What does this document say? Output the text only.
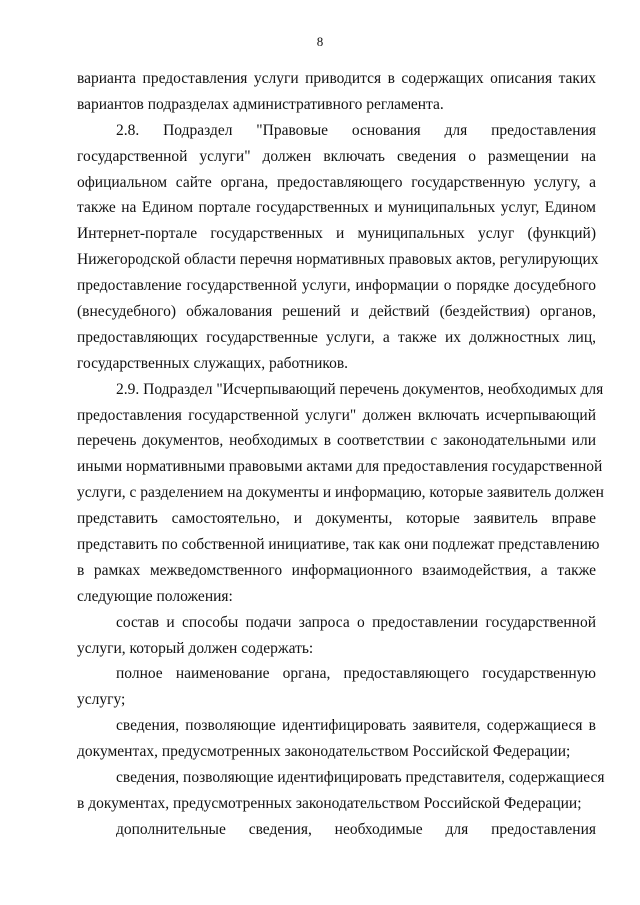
8
варианта предоставления услуги приводится в содержащих описания таких
вариантов подразделах административного регламента.
2.8. Подраздел "Правовые основания для предоставления
государственной услуги" должен включать сведения о размещении на
официальном сайте органа, предоставляющего государственную услугу, а
также на Едином портале государственных и муниципальных услуг, Едином
Интернет-портале государственных и муниципальных услуг (функций)
Нижегородской области перечня нормативных правовых актов, регулирующих
предоставление государственной услуги, информации о порядке досудебного
(внесудебного) обжалования решений и действий (бездействия) органов,
предоставляющих государственные услуги, а также их должностных лиц,
государственных служащих, работников.
2.9. Подраздел "Исчерпывающий перечень документов, необходимых для
предоставления государственной услуги" должен включать исчерпывающий
перечень документов, необходимых в соответствии с законодательными или
иными нормативными правовыми актами для предоставления государственной
услуги, с разделением на документы и информацию, которые заявитель должен
представить самостоятельно, и документы, которые заявитель вправе
представить по собственной инициативе, так как они подлежат представлению
в рамках межведомственного информационного взаимодействия, а также
следующие положения:
состав и способы подачи запроса о предоставлении государственной
услуги, который должен содержать:
полное наименование органа, предоставляющего государственную
услугу;
сведения, позволяющие идентифицировать заявителя, содержащиеся в
документах, предусмотренных законодательством Российской Федерации;
сведения, позволяющие идентифицировать представителя, содержащиеся
в документах, предусмотренных законодательством Российской Федерации;
дополнительные сведения, необходимые для предоставления
